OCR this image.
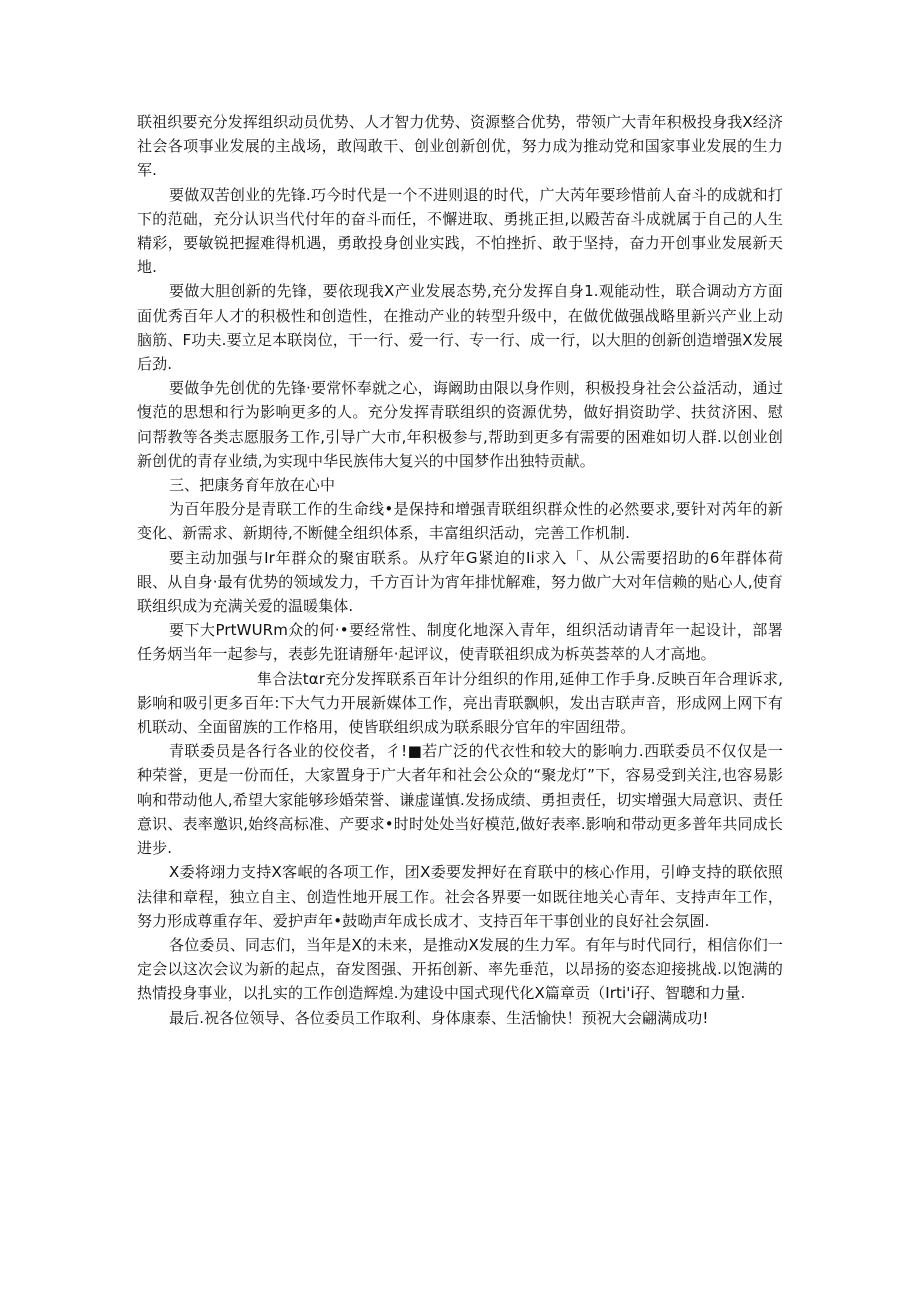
联祖织要充分发挥组织动员优势、人才智力优势、资源整合优势，带领广大青年积极投身我X经济社会各项事业发展的主战场，敢闯敢干、创业创新创优，努力成为推动党和国家事业发展的生力军.

要做双苦创业的先锋.巧今时代是一个不进则退的时代，广大芮年要珍惜前人奋斗的成就和打下的范础，充分认识当代付年的奋斗而任，不懈进取、勇挑正担,以殿苦奋斗成就属于自己的人生精彩，要敏锐把握难得机遇，勇敢投身创业实践，不怕挫折、敢于坚持，奋力开创事业发展新天地.

要做大胆创新的先锋，要依现我X产业发展态势,充分发挥自身1.观能动性，联合调动方方面面优秀百年人才的积极性和创造性，在推动产业的转型升级中，在做优做强战略里新兴产业上动脑筋、F功夫.要立足本联岗位，干一行、爱一行、专一行、成一行，以大胆的创新创造增强X发展后劲.

要做争先创优的先锋·要常怀奉就之心，诲阚助由限以身作则，积极投身社会公益活动，通过愎范的思想和行为影响更多的人。充分发挥青联组织的资源优势，做好捐资助学、扶贫济困、慰问帮教等各类志愿服务工作,引导广大市,年积极参与,帮助到更多有需要的困难如切人群.以创业创新创优的青存业绩,为实现中华民族伟大复兴的中国梦作出独特贡献。

三、把康务育年放在心中

为百年股分是青联工作的生命线•是保持和增强青联组织群众性的必然要求,要针对芮年的新变化、新需求、新期待,不断健全组织体系，丰富组织活动，完善工作机制.

要主动加强与Ir年群众的聚宙联系。从疗年G紧迫的Ii求入「、从公需要招助的6年群体荷眼、从自身·最有优势的领域发力，千方百计为宵年排忧解难，努力做广大对年信赖的贴心人,使育联组织成为充满关爱的温暖集体.

要下大PrtWURm众的何·•要经常性、制度化地深入青年，组织活动请青年一起设计，部署任务炳当年一起参与，表彭先诳请掰年·起评议，使青联祖织成为柝英荟萃的人才高地。

隼合法tαr充分发挥联系百年计分组织的作用,延伸工作手身.反映百年合理诉求,影响和吸引更多百年:下大气力开展新媒体工作，亮出青联飘帜，发出吉联声音，形成网上网下有机联动、全面留族的工作格用，使皆联组织成为联系眼分官年的牢固纽带。

青联委员是各行各业的佼佼者，彳!■若广泛的代衣性和较大的影响力.西联委员不仅仅是一种荣誉，更是一份而任，大家置身于广大者年和社会公众的“聚龙灯”下，容易受到关注,也容易影响和带动他人,希望大家能够珍婚荣誉、谦虚谨慎.发扬成绩、勇担责任，切实增强大局意识、责任意识、表率邀识,始终高标准、产要求•时时处处当好模范,做好表率.影响和带动更多普年共同成长进步.

X委将翊力支持X客岷的各项工作，团X委要发押好在育联中的核心作用，引峥支持的联依照法律和章程，独立自主、创造性地开展工作。社会各界要一如既往地关心青年、支持声年工作，努力形成尊重存年、爱护声年•鼓呦声年成长成才、支持百年干事创业的良好社会氛圄.

各位委员、同志们，当年是X的未来，是推动X发展的生力军。有年与时代同行，相信你们一定会以这次会议为新的起点，奋发图强、开拓创新、率先垂范，以昂扬的姿态迎接挑战.以饱满的热情投身事业，以扎实的工作创造辉煌.为建设中国式现代化X篇章贡（Irti'i孖、智聰和力量.

最后.祝各位领导、各位委员工作取利、身体康泰、生活愉快！预祝大会翩满成功!
